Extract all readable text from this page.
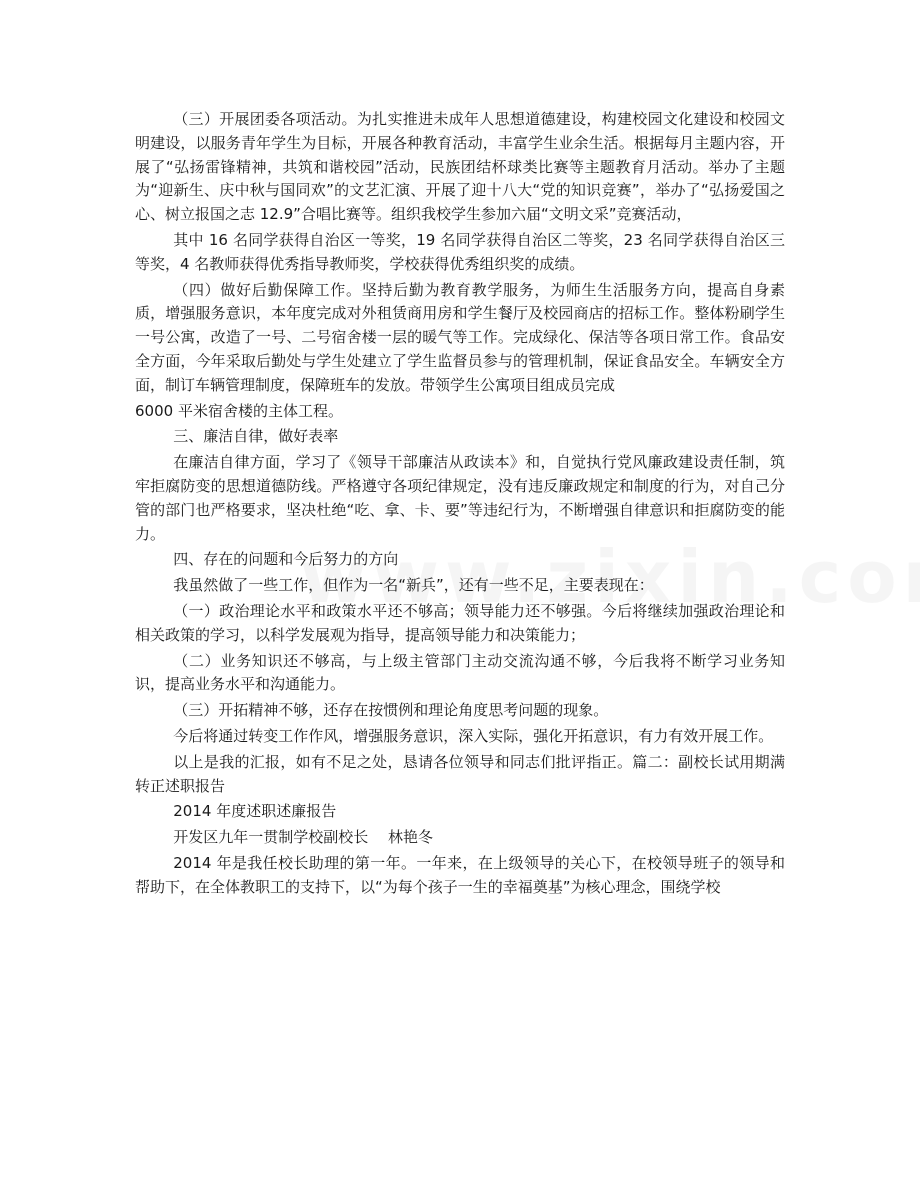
（三）开展团委各项活动。为扎实推进未成年人思想道德建设，构建校园文化建设和校园文明建设，以服务青年学生为目标，开展各种教育活动，丰富学生业余生活。根据每月主题内容，开展了“弘扬雷锋精神，共筑和谐校园”活动，民族团结杯球类比赛等主题教育月活动。举办了主题为“迎新生、庆中秋与国同欢”的文艺汇演、开展了迎十八大“党的知识竞赛”，举办了“弘扬爱国之心、树立报国之志 12.9”合唱比赛等。组织我校学生参加六届“文明文采”竞赛活动，

其中 16 名同学获得自治区一等奖，19 名同学获得自治区二等奖，23 名同学获得自治区三等奖，4 名教师获得优秀指导教师奖，学校获得优秀组织奖的成绩。

（四）做好后勤保障工作。坚持后勤为教育教学服务，为师生生活服务方向，提高自身素质，增强服务意识，本年度完成对外租赁商用房和学生餐厅及校园商店的招标工作。整体粉刷学生一号公寓，改造了一号、二号宿舍楼一层的暖气等工作。完成绿化、保洁等各项日常工作。食品安全方面，今年采取后勤处与学生处建立了学生监督员参与的管理机制，保证食品安全。车辆安全方面，制订车辆管理制度，保障班车的发放。带领学生公寓项目组成员完成

6000 平米宿舍楼的主体工程。

三、廉洁自律，做好表率

在廉洁自律方面，学习了《领导干部廉洁从政读本》和，自觉执行党风廉政建设责任制，筑牢拒腐防变的思想道德防线。严格遵守各项纪律规定，没有违反廉政规定和制度的行为，对自己分管的部门也严格要求，坚决杜绝“吃、拿、卡、要”等违纪行为，不断增强自律意识和拒腐防变的能力。

四、存在的问题和今后努力的方向

我虽然做了一些工作，但作为一名“新兵”，还有一些不足，主要表现在：

（一）政治理论水平和政策水平还不够高；领导能力还不够强。今后将继续加强政治理论和相关政策的学习，以科学发展观为指导，提高领导能力和决策能力；

（二）业务知识还不够高，与上级主管部门主动交流沟通不够，今后我将不断学习业务知识，提高业务水平和沟通能力。

（三）开拓精神不够，还存在按惯例和理论角度思考问题的现象。

今后将通过转变工作作风，增强服务意识，深入实际，强化开拓意识，有力有效开展工作。

以上是我的汇报，如有不足之处，恳请各位领导和同志们批评指正。篇二：副校长试用期满转正述职报告

2014 年度述职述廉报告

开发区九年一贯制学校副校长　 林艳冬

2014 年是我任校长助理的第一年。一年来，在上级领导的关心下，在校领导班子的领导和帮助下，在全体教职工的支持下，以“为每个孩子一生的幸福奠基”为核心理念，围绕学校
